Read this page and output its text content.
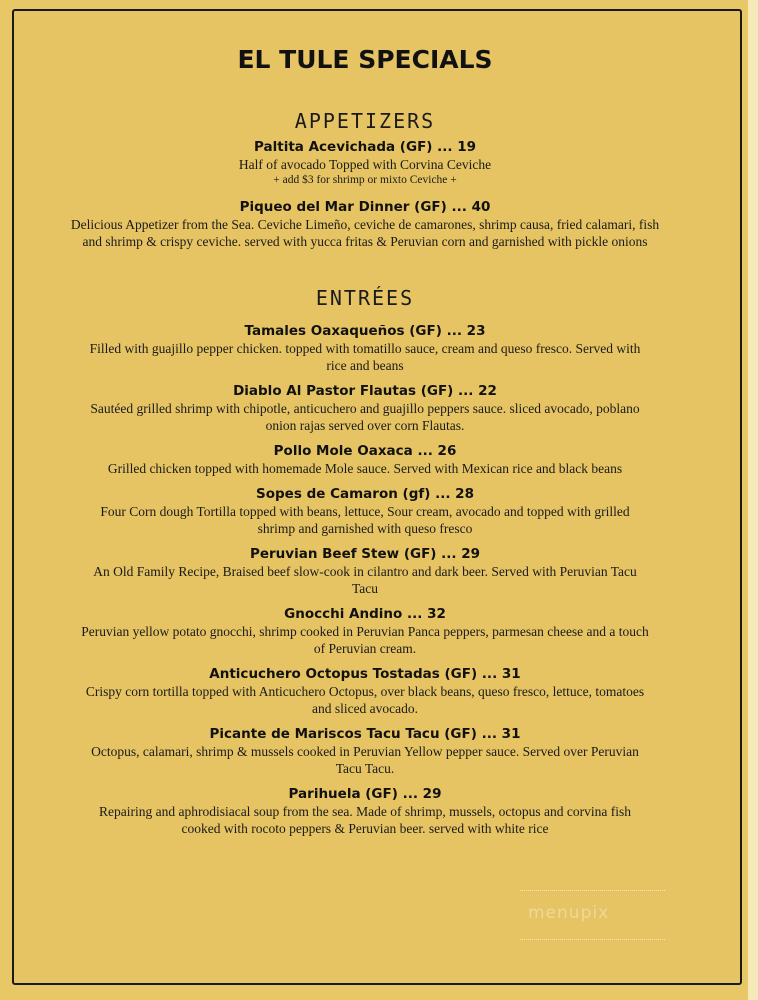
EL TULE SPECIALS
APPETIZERS
Paltita Acevichada (GF) ... 19
Half of avocado Topped with Corvina Ceviche
+ add $3 for shrimp or mixto Ceviche +
Piqueo del Mar Dinner (GF) ... 40
Delicious Appetizer from the Sea. Ceviche Limeño, ceviche de camarones, shrimp causa, fried calamari, fish and shrimp & crispy ceviche. served with yucca fritas & Peruvian corn and garnished with pickle onions
ENTRÉES
Tamales Oaxaqueños (GF) ... 23
Filled with guajillo pepper chicken. topped with tomatillo sauce, cream and queso fresco. Served with rice and beans
Diablo Al Pastor Flautas (GF) ... 22
Sautéed grilled shrimp with chipotle, anticuchero and guajillo peppers sauce. sliced avocado, poblano onion rajas served over corn Flautas.
Pollo Mole Oaxaca ... 26
Grilled chicken topped with homemade Mole sauce. Served with Mexican rice and black beans
Sopes de Camaron (gf) ... 28
Four Corn dough Tortilla topped with beans, lettuce, Sour cream, avocado and topped with grilled shrimp and garnished with queso fresco
Peruvian Beef Stew (GF) ... 29
An Old Family Recipe, Braised beef slow-cook in cilantro and dark beer. Served with Peruvian Tacu Tacu
Gnocchi Andino ... 32
Peruvian yellow potato gnocchi, shrimp cooked in Peruvian Panca peppers, parmesan cheese and a touch of Peruvian cream.
Anticuchero Octopus Tostadas (GF) ... 31
Crispy corn tortilla topped with Anticuchero Octopus, over black beans, queso fresco, lettuce, tomatoes and sliced avocado.
Picante de Mariscos Tacu Tacu (GF) ... 31
Octopus, calamari, shrimp & mussels cooked in Peruvian Yellow pepper sauce. Served over Peruvian Tacu Tacu.
Parihuela (GF) ... 29
Repairing and aphrodisiacal soup from the sea. Made of shrimp, mussels, octopus and corvina fish cooked with rocoto peppers & Peruvian beer. served with white rice
menupix
